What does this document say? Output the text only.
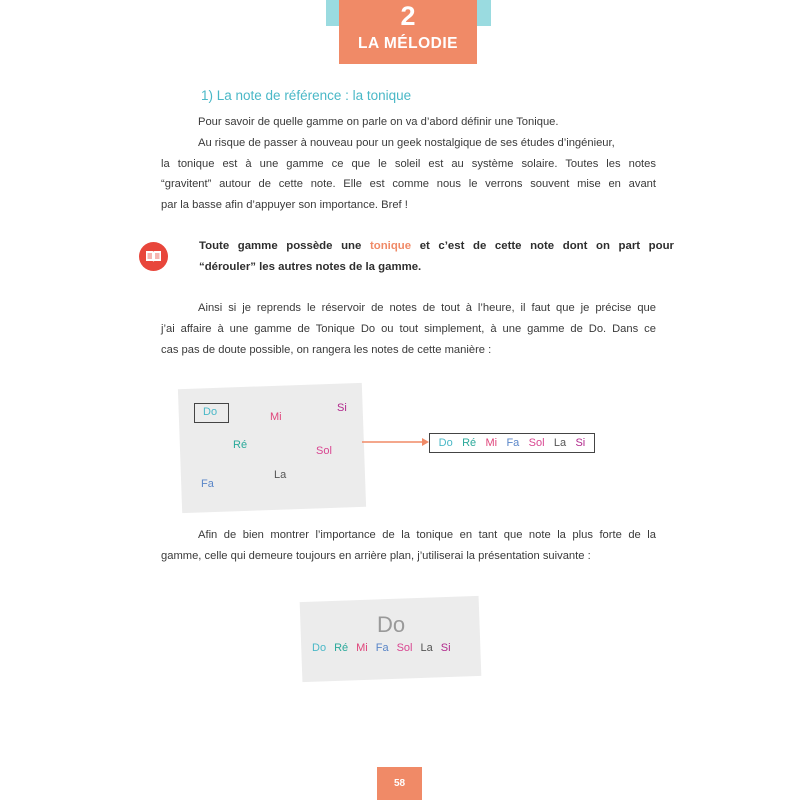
2
LA MÉLODIE
1) La note de référence : la tonique
Pour savoir de quelle gamme on parle on va d’abord définir une Tonique.
Au risque de passer à nouveau pour un geek nostalgique de ses études d’ingénieur,
la tonique est à une gamme ce que le soleil est au système solaire. Toutes les notes
“gravitent” autour de cette note. Elle est comme nous le verrons souvent mise en avant
par la basse afin d’appuyer son importance. Bref !
Toute gamme possède une tonique et c’est de cette note dont on part pour
“dérouler” les autres notes de la gamme.
Ainsi si je reprends le réservoir de notes de tout à l’heure, il faut que je précise que
j’ai affaire à une gamme de Tonique Do ou tout simplement, à une gamme de Do. Dans ce
cas pas de doute possible, on rangera les notes de cette manière :
Do	Mi
Si
Ré	Sol
La
Fa
Do Ré Mi Fa Sol La Si
Afin de bien montrer l’importance de la tonique en tant que note la plus forte de la
gamme, celle qui demeure toujours en arrière plan, j’utiliserai la présentation suivante :
Do
Do Ré Mi Fa Sol La Si
58
